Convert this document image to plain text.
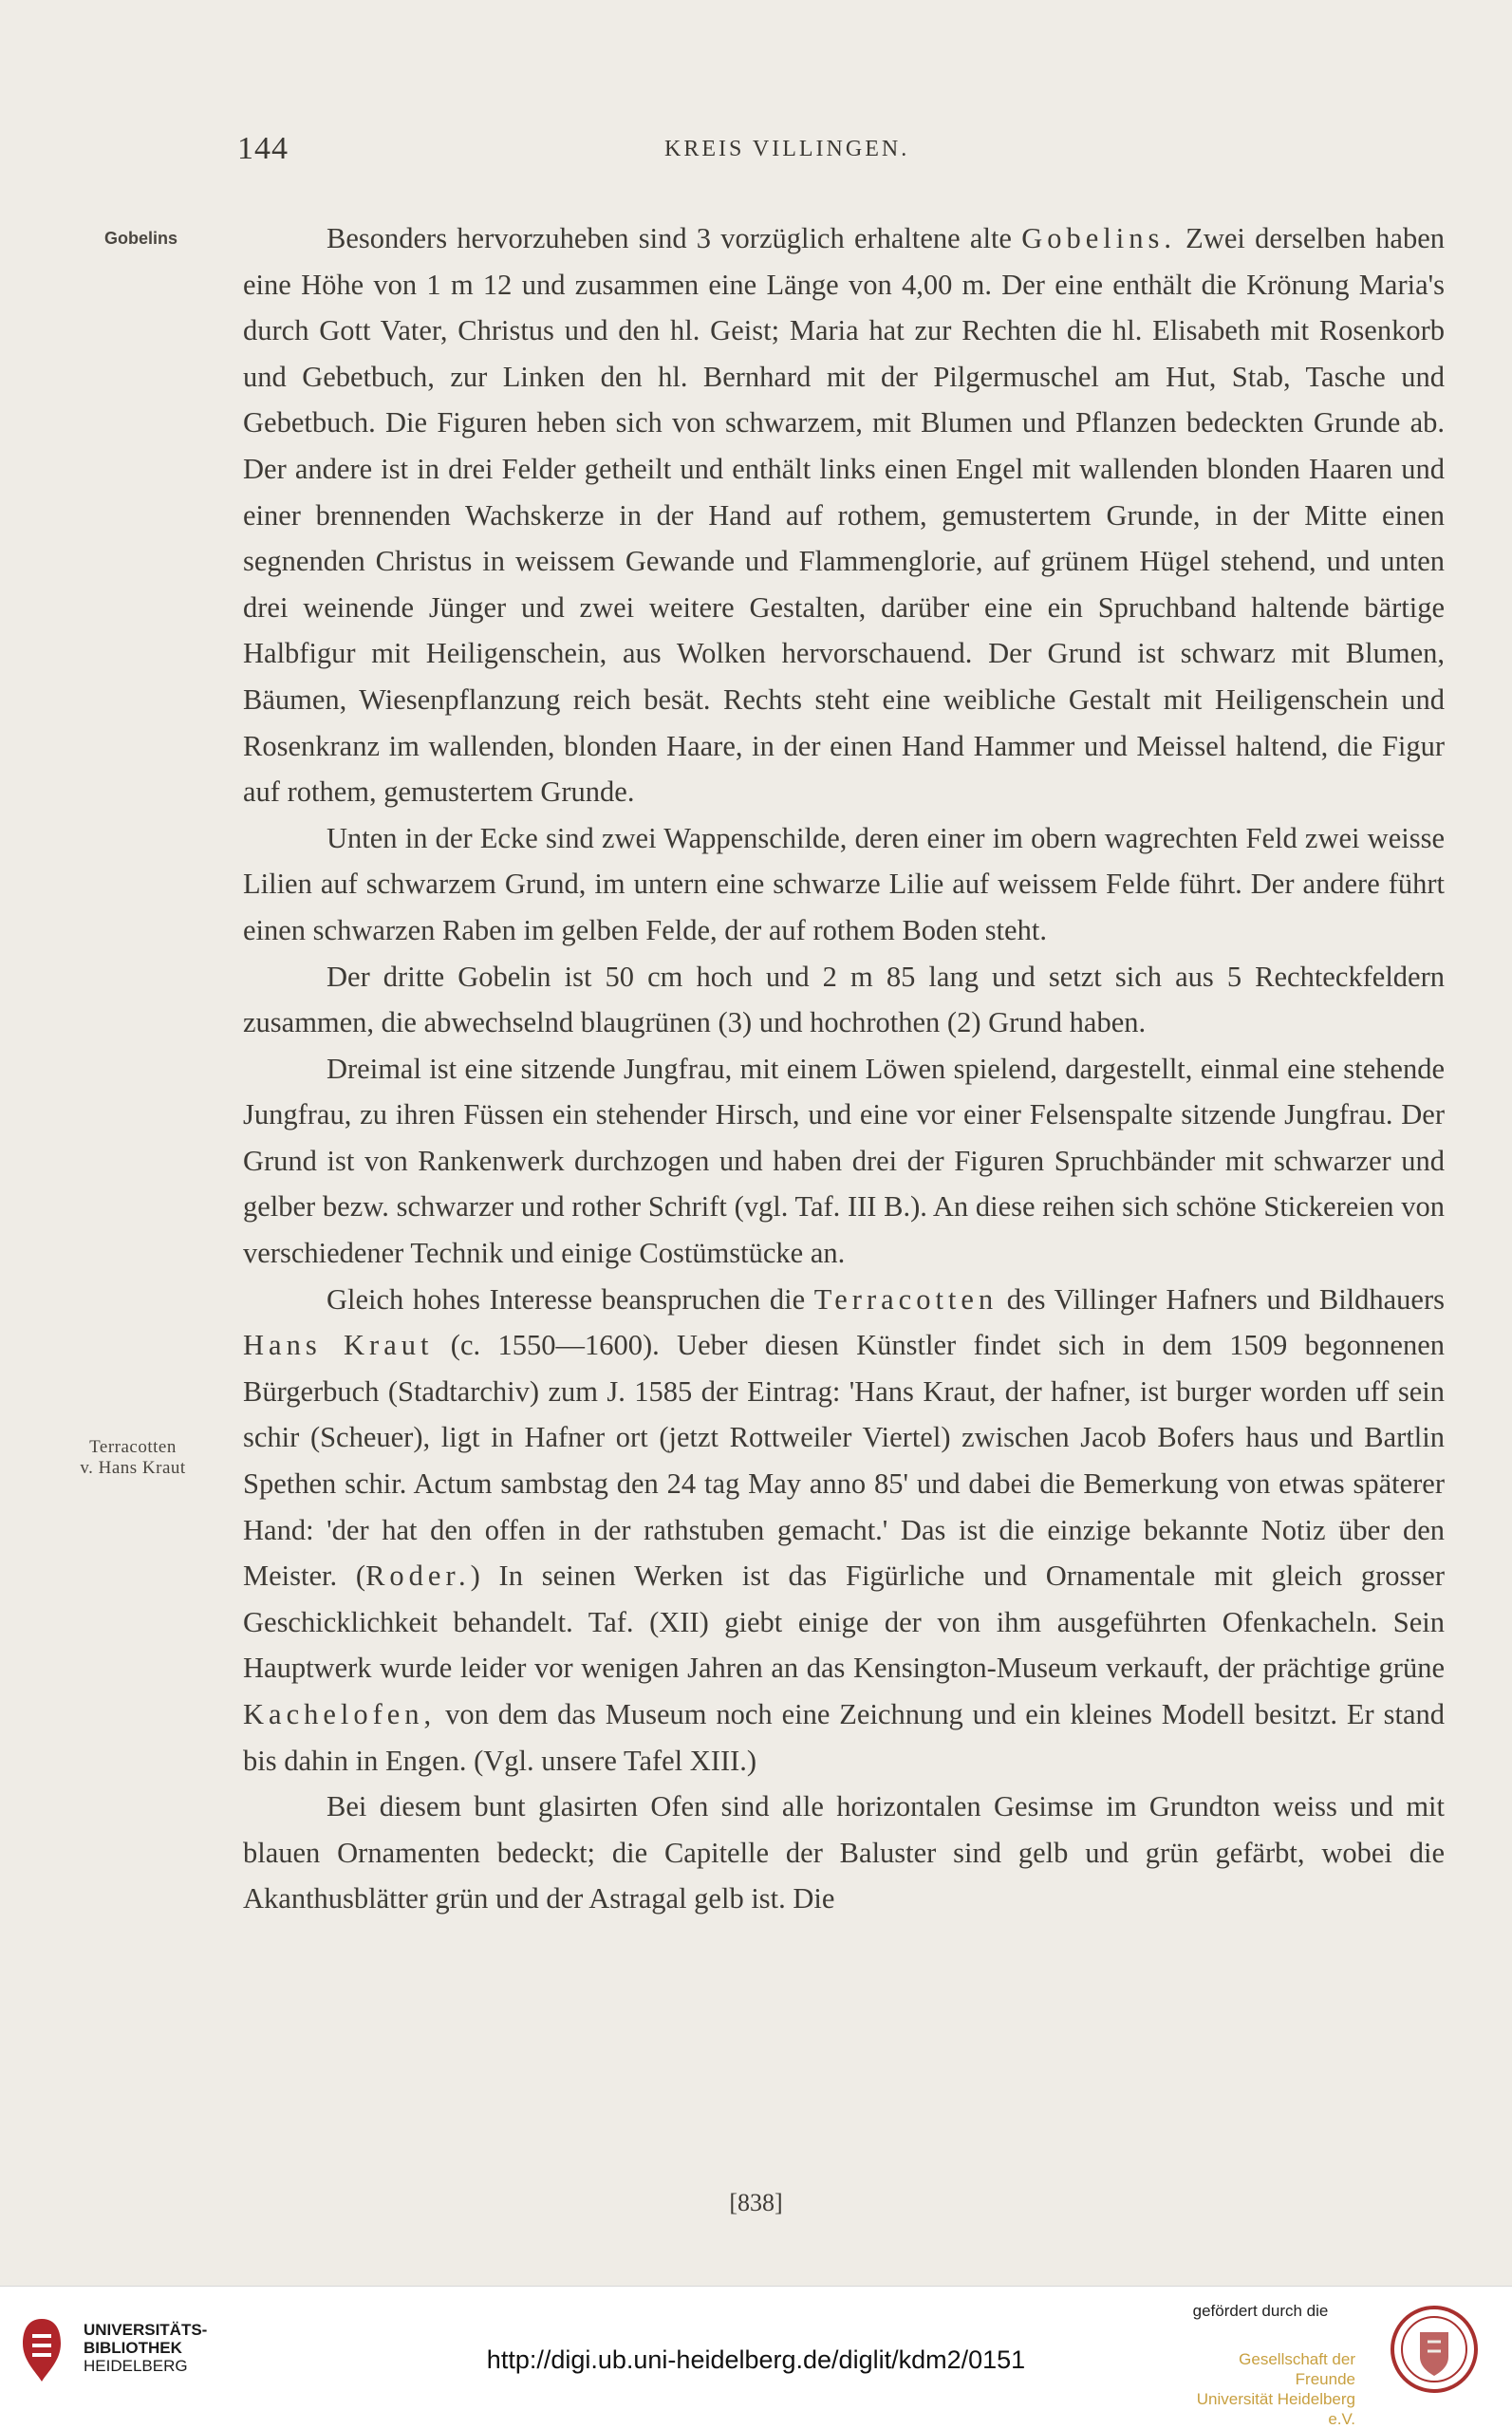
144	KREIS VILLINGEN.
Gobelins
Terracotten
v. Hans Kraut

Besonders hervorzuheben sind 3 vorzüglich erhaltene alte Gobelins. Zwei derselben haben eine Höhe von 1 m 12 und zusammen eine Länge von 4,00 m. Der eine enthält die Krönung Maria's durch Gott Vater, Christus und den hl. Geist; Maria hat zur Rechten die hl. Elisabeth mit Rosenkorb und Gebetbuch, zur Linken den hl. Bernhard mit der Pilgermuschel am Hut, Stab, Tasche und Gebetbuch. Die Figuren heben sich von schwarzem, mit Blumen und Pflanzen bedeckten Grunde ab. Der andere ist in drei Felder getheilt und enthält links einen Engel mit wallenden blonden Haaren und einer brennenden Wachskerze in der Hand auf rothem, gemustertem Grunde, in der Mitte einen segnenden Christus in weissem Gewande und Flammenglorie, auf grünem Hügel stehend, und unten drei weinende Jünger und zwei weitere Gestalten, darüber eine ein Spruchband haltende bärtige Halbfigur mit Heiligenschein, aus Wolken hervorschauend. Der Grund ist schwarz mit Blumen, Bäumen, Wiesenpflanzung reich besät. Rechts steht eine weibliche Gestalt mit Heiligenschein und Rosenkranz im wallenden, blonden Haare, in der einen Hand Hammer und Meissel haltend, die Figur auf rothem, gemustertem Grunde.

Unten in der Ecke sind zwei Wappenschilde, deren einer im obern wagrechten Feld zwei weisse Lilien auf schwarzem Grund, im untern eine schwarze Lilie auf weissem Felde führt. Der andere führt einen schwarzen Raben im gelben Felde, der auf rothem Boden steht.

Der dritte Gobelin ist 50 cm hoch und 2 m 85 lang und setzt sich aus 5 Rechteckfeldern zusammen, die abwechselnd blaugrünen (3) und hochrothen (2) Grund haben.

Dreimal ist eine sitzende Jungfrau, mit einem Löwen spielend, dargestellt, einmal eine stehende Jungfrau, zu ihren Füssen ein stehender Hirsch, und eine vor einer Felsenspalte sitzende Jungfrau. Der Grund ist von Rankenwerk durchzogen und haben drei der Figuren Spruchbänder mit schwarzer und gelber bezw. schwarzer und rother Schrift (vgl. Taf. III B.). An diese reihen sich schöne Stickereien von verschiedener Technik und einige Costümstücke an.

Gleich hohes Interesse beanspruchen die Terracotten des Villinger Hafners und Bildhauers Hans Kraut (c. 1550—1600). Ueber diesen Künstler findet sich in dem 1509 begonnenen Bürgerbuch (Stadtarchiv) zum J. 1585 der Eintrag: 'Hans Kraut, der hafner, ist burger worden uff sein schir (Scheuer), ligt in Hafner ort (jetzt Rottweiler Viertel) zwischen Jacob Bofers haus und Bartlin Spethen schir. Actum sambstag den 24 tag May anno 85' und dabei die Bemerkung von etwas späterer Hand: 'der hat den offen in der rathstuben gemacht.' Das ist die einzige bekannte Notiz über den Meister. (Roder.) In seinen Werken ist das Figürliche und Ornamentale mit gleich grosser Geschicklichkeit behandelt. Taf. (XII) giebt einige der von ihm ausgeführten Ofenkacheln. Sein Hauptwerk wurde leider vor wenigen Jahren an das Kensington-Museum verkauft, der prächtige grüne Kachelofen, von dem das Museum noch eine Zeichnung und ein kleines Modell besitzt. Er stand bis dahin in Engen. (Vgl. unsere Tafel XIII.)

Bei diesem bunt glasirten Ofen sind alle horizontalen Gesimse im Grundton weiss und mit blauen Ornamenten bedeckt; die Capitelle der Baluster sind gelb und grün gefärbt, wobei die Akanthusblätter grün und der Astragal gelb ist. Die

[838]
UNIVERSITÄTS-
BIBLIOTHEK
HEIDELBERG	http://digi.ub.uni-heidelberg.de/diglit/kdm2/0151
gefördert durch die
Gesellschaft der Freunde
Universität Heidelberg e.V.
